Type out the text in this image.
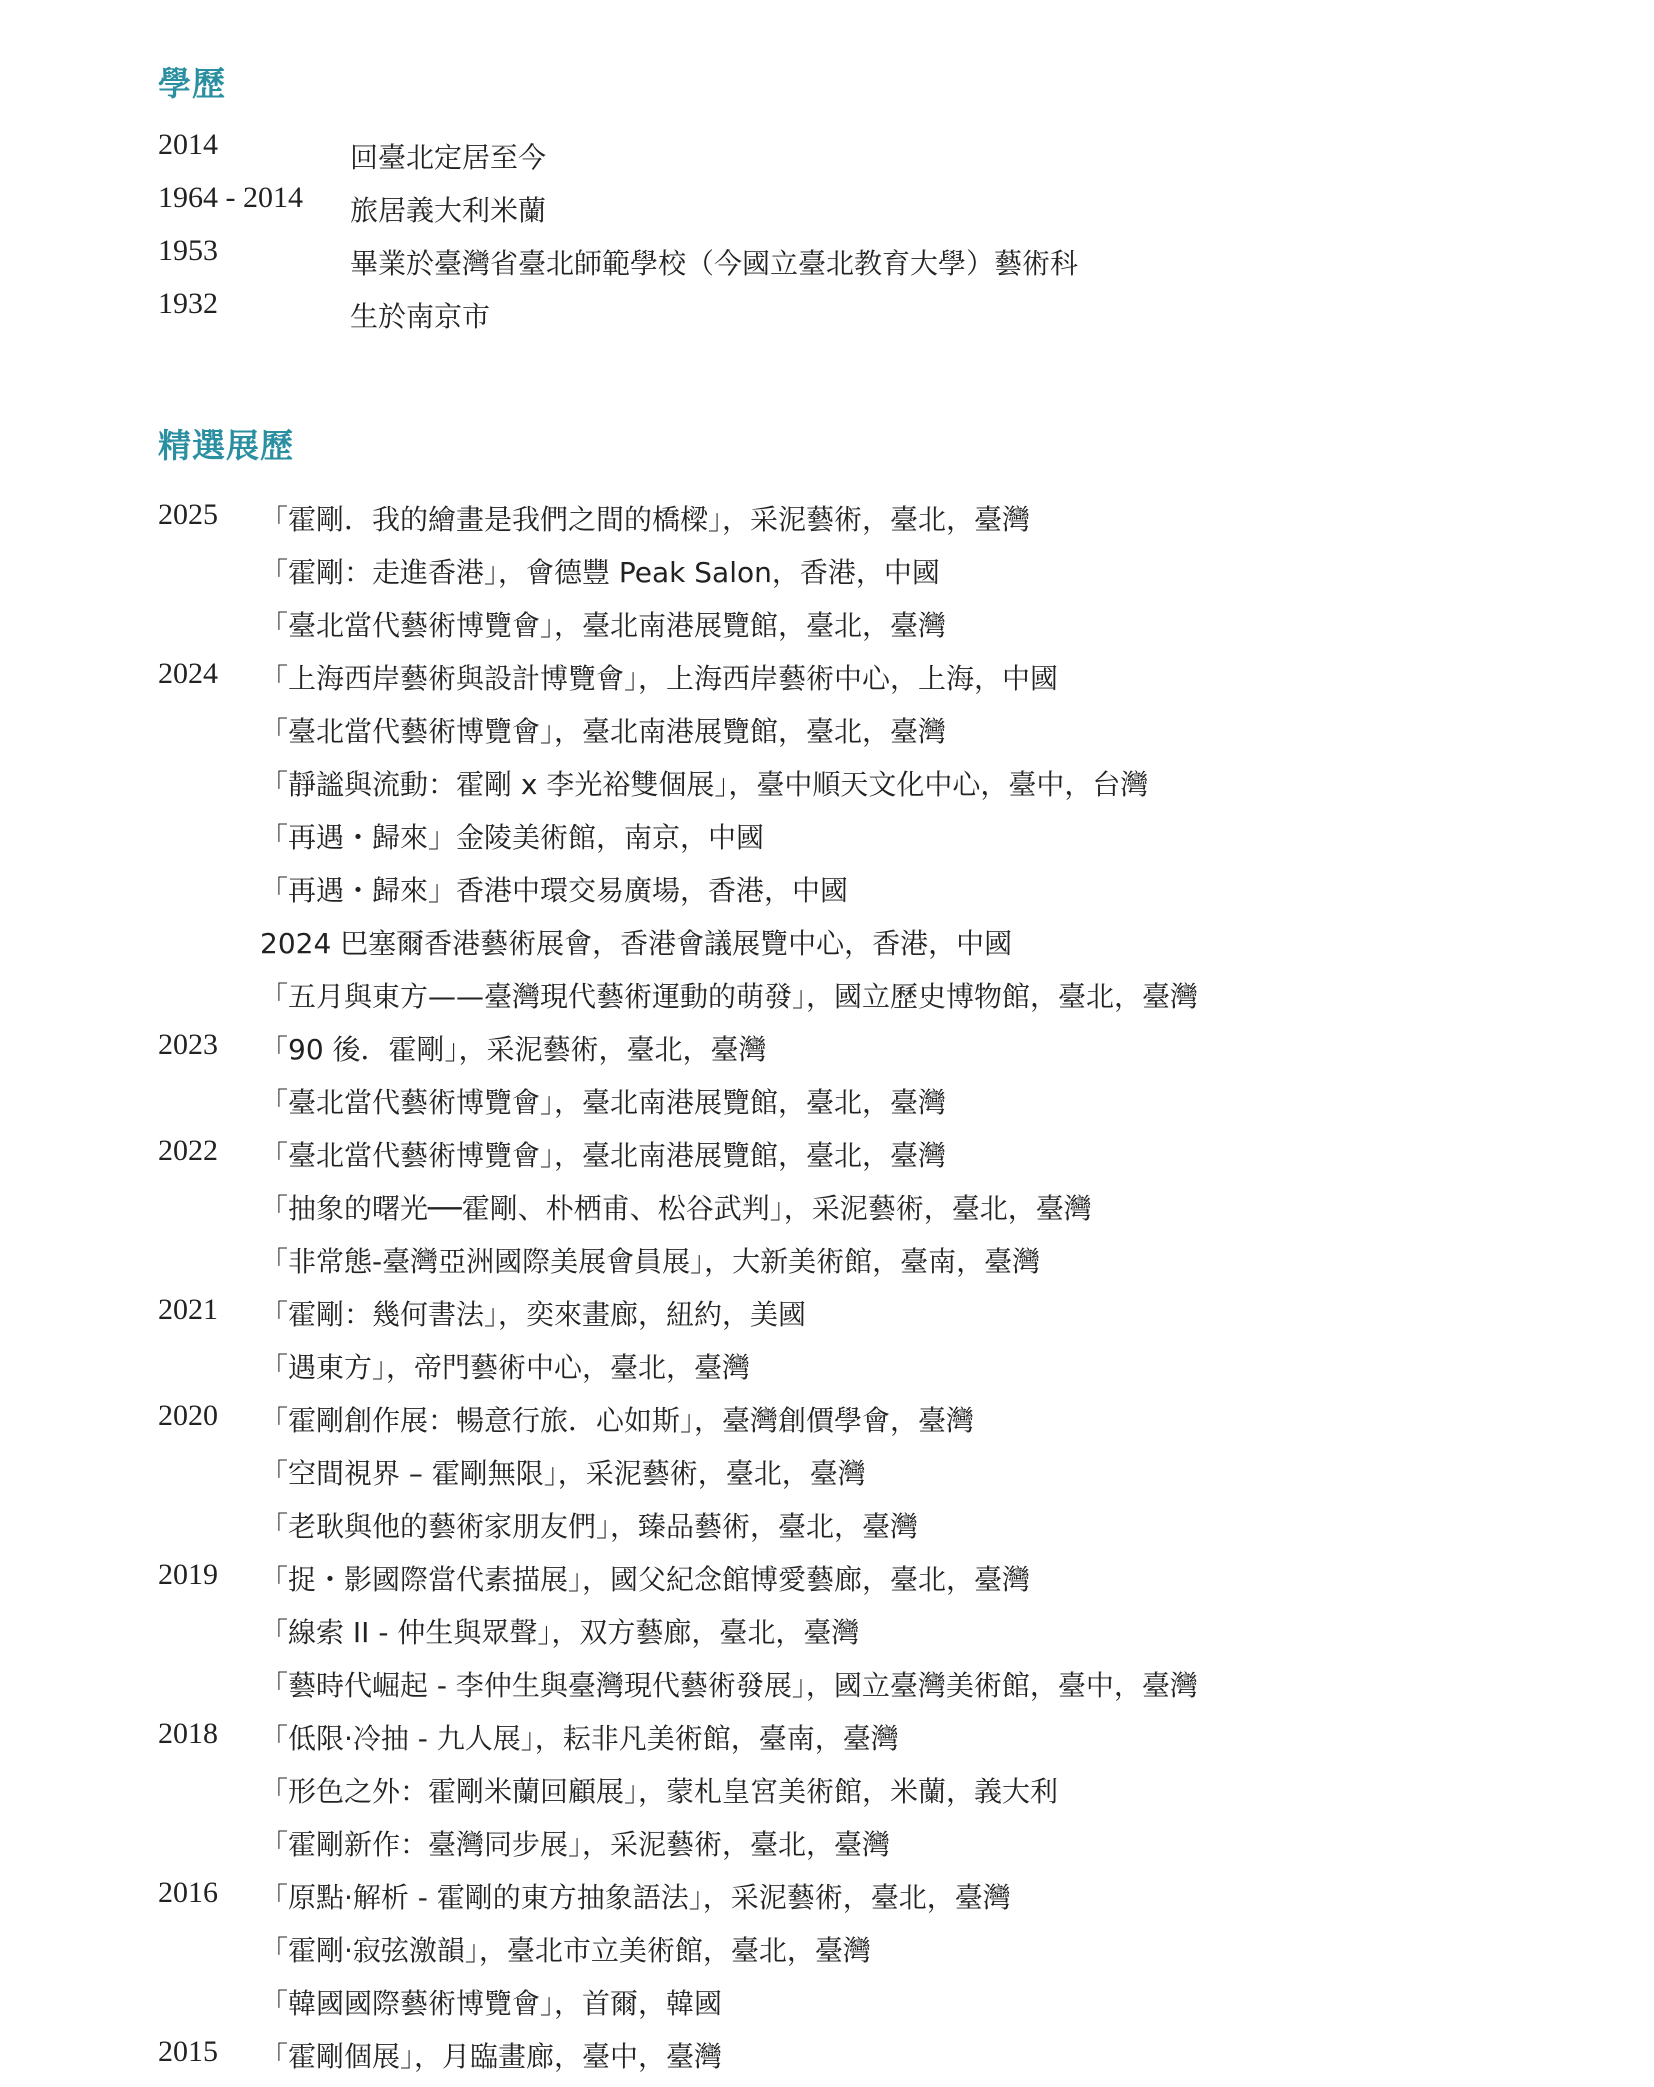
學歷
2014	回臺北定居至今
1964 - 2014 旅居義大利米蘭
1953	畢業於臺灣省臺北師範學校（今國立臺北教育大學）藝術科
1932	生於南京市
精選展歷
2025 「霍剛．我的繪畫是我們之間的橋樑」，采泥藝術，臺北，臺灣
「霍剛：走進香港」，會德豐 Peak Salon，香港，中國
「臺北當代藝術博覽會」，臺北南港展覽館，臺北，臺灣
2024 「上海西岸藝術與設計博覽會」，上海西岸藝術中心，上海，中國
「臺北當代藝術博覽會」，臺北南港展覽館，臺北，臺灣
「靜謐與流動：霍剛 x 李光裕雙個展」，臺中順天文化中心，臺中，台灣
「再遇・歸來」金陵美術館，南京，中國
「再遇・歸來」香港中環交易廣場，香港，中國
2024 巴塞爾香港藝術展會，香港會議展覽中心，香港，中國
「五月與東方——臺灣現代藝術運動的萌發」，國立歷史博物館，臺北，臺灣
2023 「90 後．霍剛」，采泥藝術，臺北，臺灣
「臺北當代藝術博覽會」，臺北南港展覽館，臺北，臺灣
2022 「臺北當代藝術博覽會」，臺北南港展覽館，臺北，臺灣
「抽象的曙光──霍剛、朴栖甫、松谷武判」，采泥藝術，臺北，臺灣
「非常態-臺灣亞洲國際美展會員展」，大新美術館，臺南，臺灣
2021 「霍剛：幾何書法」，奕來畫廊，紐約，美國
「遇東方」，帝門藝術中心，臺北，臺灣
2020 「霍剛創作展：暢意行旅．心如斯」，臺灣創價學會，臺灣
「空間視界 – 霍剛無限」，采泥藝術，臺北，臺灣
「老耿與他的藝術家朋友們」，臻品藝術，臺北，臺灣
2019 「捉・影國際當代素描展」，國父紀念館博愛藝廊，臺北，臺灣
「線索 II - 仲生與眾聲」，双方藝廊，臺北，臺灣
「藝時代崛起 - 李仲生與臺灣現代藝術發展」，國立臺灣美術館，臺中，臺灣
2018 「低限·冷抽 - 九人展」，耘非凡美術館，臺南，臺灣
「形色之外：霍剛米蘭回顧展」，蒙札皇宮美術館，米蘭，義大利
「霍剛新作：臺灣同步展」，采泥藝術，臺北，臺灣
2016 「原點·解析 - 霍剛的東方抽象語法」，采泥藝術，臺北，臺灣
「霍剛·寂弦激韻」，臺北市立美術館，臺北，臺灣
「韓國國際藝術博覽會」，首爾，韓國
2015 「霍剛個展」，月臨畫廊，臺中，臺灣
